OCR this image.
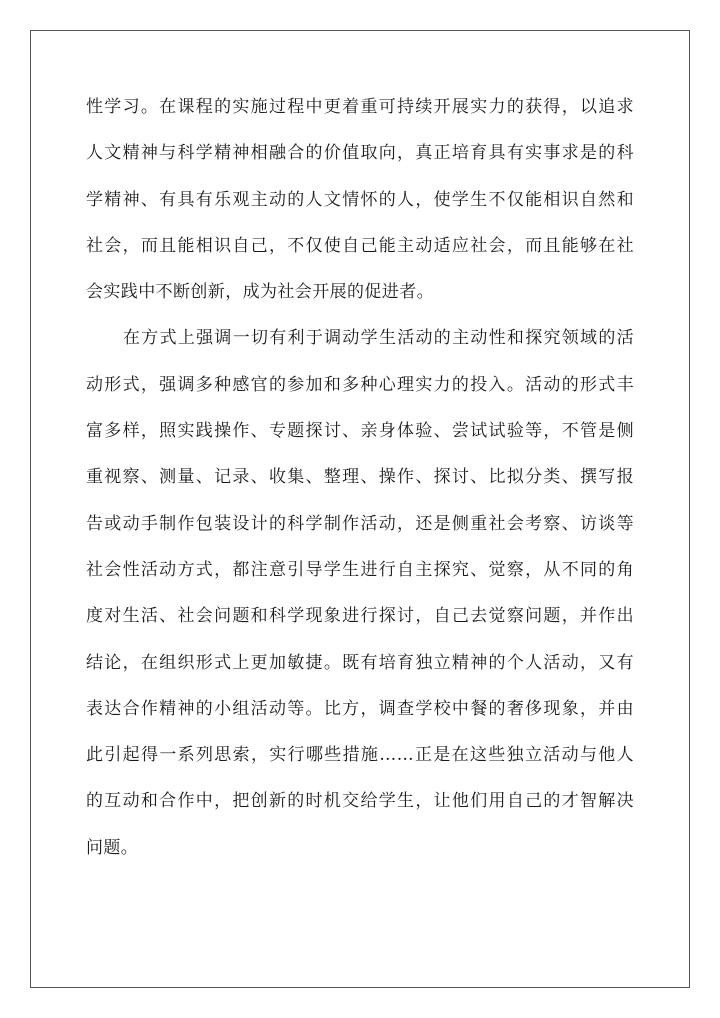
性学习。在课程的实施过程中更着重可持续开展实力的获得，以追求
人文精神与科学精神相融合的价值取向，真正培育具有实事求是的科
学精神、有具有乐观主动的人文情怀的人，使学生不仅能相识自然和
社会，而且能相识自己，不仅使自己能主动适应社会，而且能够在社
会实践中不断创新，成为社会开展的促进者。
在方式上强调一切有利于调动学生活动的主动性和探究领域的活
动形式，强调多种感官的参加和多种心理实力的投入。活动的形式丰
富多样，照实践操作、专题探讨、亲身体验、尝试试验等，不管是侧
重视察、测量、记录、收集、整理、操作、探讨、比拟分类、撰写报
告或动手制作包装设计的科学制作活动，还是侧重社会考察、访谈等
社会性活动方式，都注意引导学生进行自主探究、觉察，从不同的角
度对生活、社会问题和科学现象进行探讨，自己去觉察问题，并作出
结论，在组织形式上更加敏捷。既有培育独立精神的个人活动，又有
表达合作精神的小组活动等。比方，调查学校中餐的奢侈现象，并由
此引起得一系列思索，实行哪些措施……正是在这些独立活动与他人
的互动和合作中，把创新的时机交给学生，让他们用自己的才智解决
问题。
